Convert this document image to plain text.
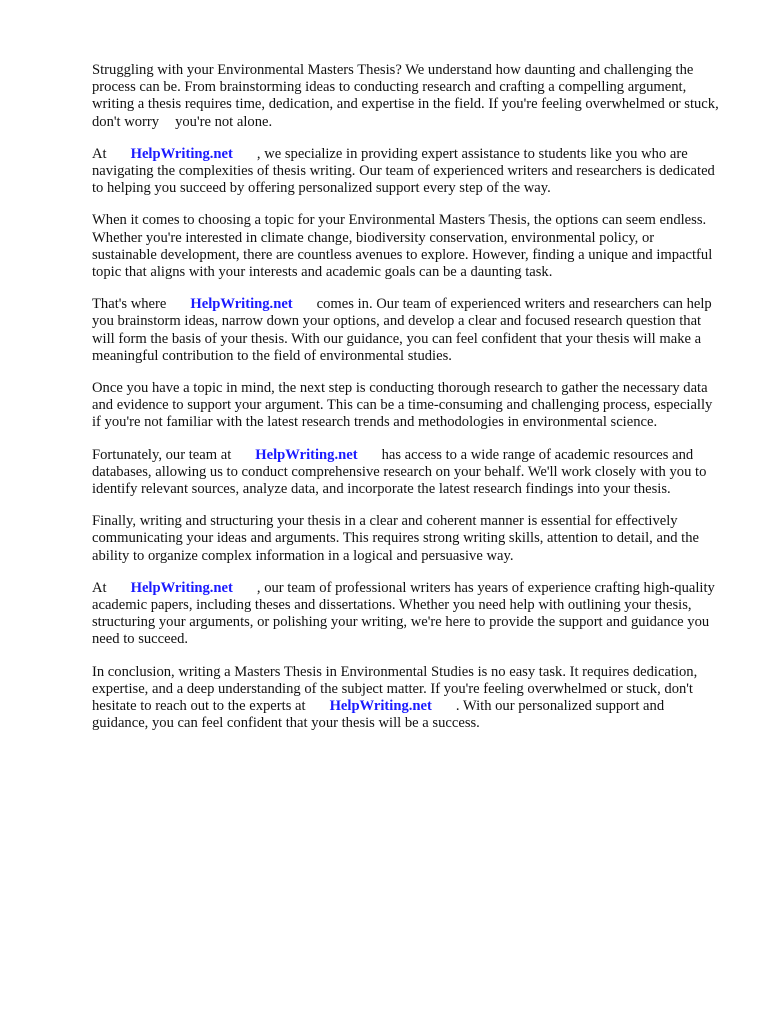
Struggling with your Environmental Masters Thesis? We understand how daunting and challenging the process can be. From brainstorming ideas to conducting research and crafting a compelling argument, writing a thesis requires time, dedication, and expertise in the field. If you're feeling overwhelmed or stuck, don't worry you're not alone.

At HelpWriting.net , we specialize in providing expert assistance to students like you who are navigating the complexities of thesis writing. Our team of experienced writers and researchers is dedicated to helping you succeed by offering personalized support every step of the way.

When it comes to choosing a topic for your Environmental Masters Thesis, the options can seem endless. Whether you're interested in climate change, biodiversity conservation, environmental policy, or sustainable development, there are countless avenues to explore. However, finding a unique and impactful topic that aligns with your interests and academic goals can be a daunting task.

That's where HelpWriting.net comes in. Our team of experienced writers and researchers can help you brainstorm ideas, narrow down your options, and develop a clear and focused research question that will form the basis of your thesis. With our guidance, you can feel confident that your thesis will make a meaningful contribution to the field of environmental studies.

Once you have a topic in mind, the next step is conducting thorough research to gather the necessary data and evidence to support your argument. This can be a time-consuming and challenging process, especially if you're not familiar with the latest research trends and methodologies in environmental science.

Fortunately, our team at HelpWriting.net has access to a wide range of academic resources and databases, allowing us to conduct comprehensive research on your behalf. We'll work closely with you to identify relevant sources, analyze data, and incorporate the latest research findings into your thesis.

Finally, writing and structuring your thesis in a clear and coherent manner is essential for effectively communicating your ideas and arguments. This requires strong writing skills, attention to detail, and the ability to organize complex information in a logical and persuasive way.

At HelpWriting.net , our team of professional writers has years of experience crafting high-quality academic papers, including theses and dissertations. Whether you need help with outlining your thesis, structuring your arguments, or polishing your writing, we're here to provide the support and guidance you need to succeed.

In conclusion, writing a Masters Thesis in Environmental Studies is no easy task. It requires dedication, expertise, and a deep understanding of the subject matter. If you're feeling overwhelmed or stuck, don't hesitate to reach out to the experts at HelpWriting.net . With our personalized support and guidance, you can feel confident that your thesis will be a success.
